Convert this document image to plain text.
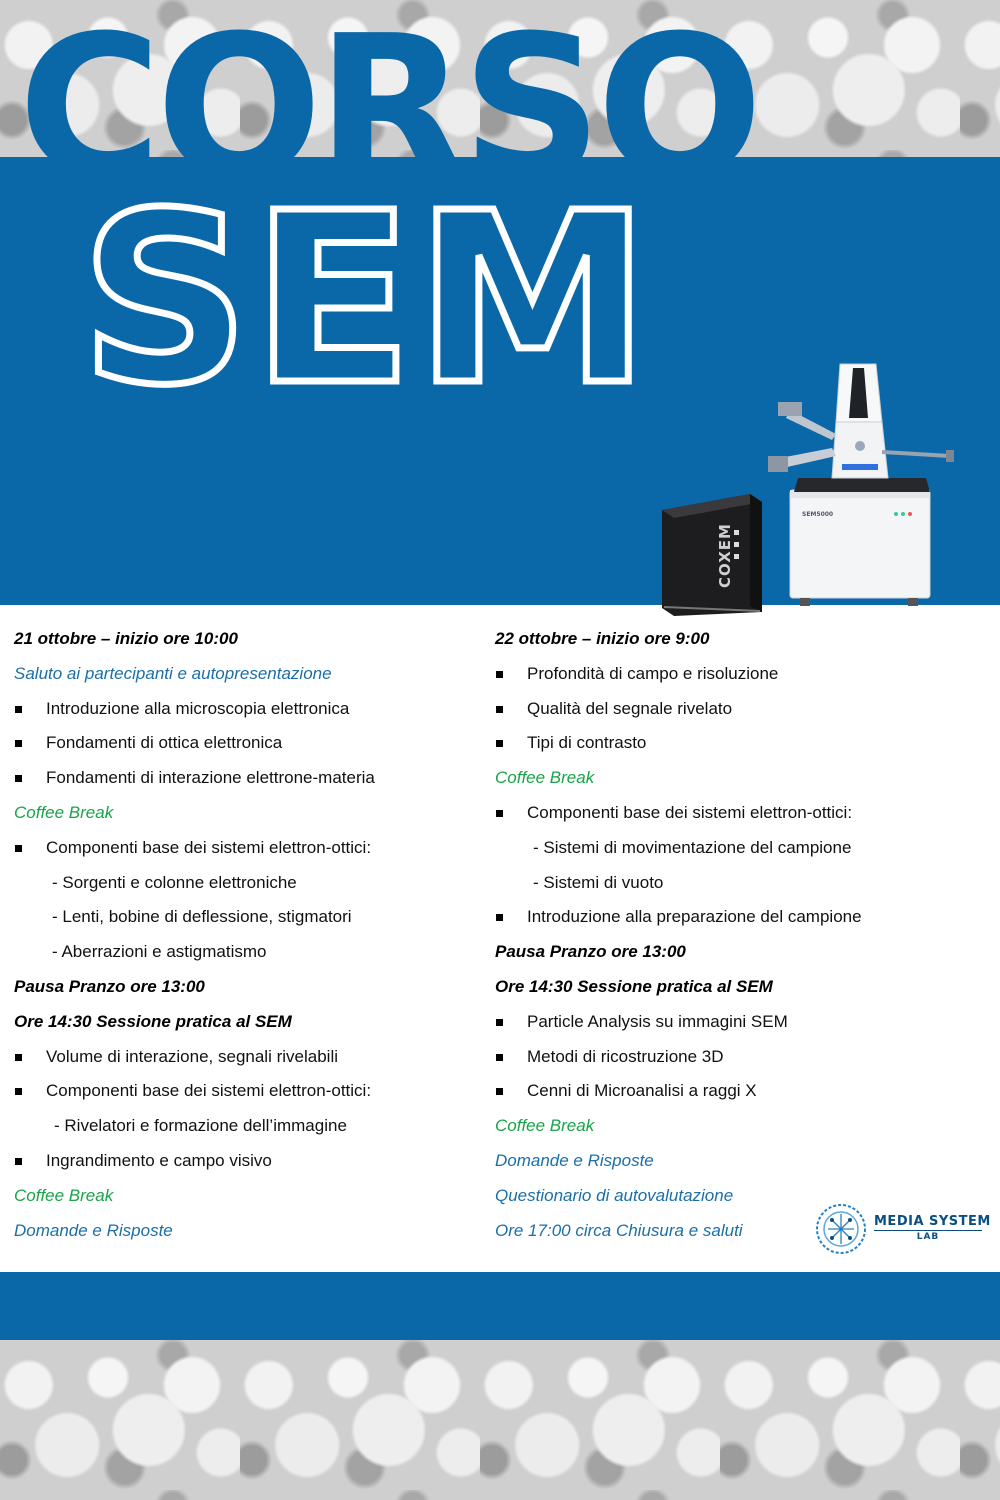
CORSO
SEM
COXEM
SEM5000
21 ottobre – inizio ore 10:00
Saluto ai partecipanti e autopresentazione
Introduzione alla microscopia elettronica
Fondamenti di ottica elettronica
Fondamenti di interazione elettrone-materia
Coffee Break
Componenti base dei sistemi elettron-ottici:
- Sorgenti e colonne elettroniche
- Lenti, bobine di deflessione, stigmatori
- Aberrazioni e astigmatismo
Pausa Pranzo ore 13:00
Ore 14:30 Sessione pratica al SEM
Volume di interazione, segnali rivelabili
Componenti base dei sistemi elettron-ottici:
- Rivelatori e formazione dell’immagine
Ingrandimento e campo visivo
Coffee Break
Domande e Risposte
22 ottobre – inizio ore 9:00
Profondità di campo e risoluzione
Qualità del segnale rivelato
Tipi di contrasto
Coffee Break
Componenti base dei sistemi elettron-ottici:
- Sistemi di movimentazione del campione
- Sistemi di vuoto
Introduzione alla preparazione del campione
Pausa Pranzo ore 13:00
Ore 14:30 Sessione pratica al SEM
Particle Analysis su immagini SEM
Metodi di ricostruzione 3D
Cenni di Microanalisi a raggi X
Coffee Break
Domande e Risposte
Questionario di autovalutazione
Ore 17:00 circa Chiusura e saluti	MEDIA SYSTEM
LAB
